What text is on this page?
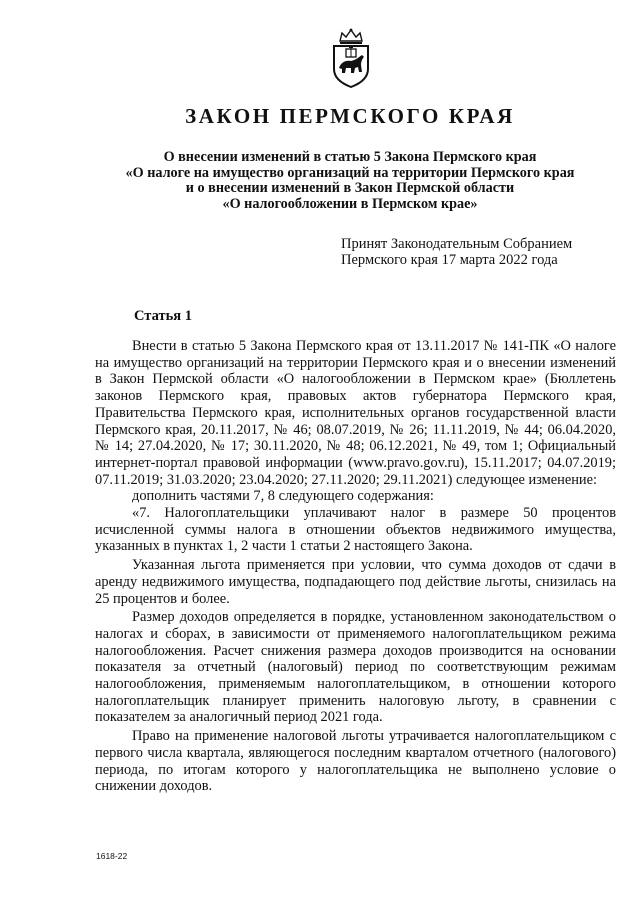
ЗАКОН ПЕРМСКОГО КРАЯ
О внесении изменений в статью 5 Закона Пермского края
«О налоге на имущество организаций на территории Пермского края
и о внесении изменений в Закон Пермской области
«О налогообложении в Пермском крае»
Принят Законодательным Собранием
Пермского края 17 марта 2022 года
Статья 1

Внести в статью 5 Закона Пермского края от 13.11.2017 № 141-ПК «О налоге на имущество организаций на территории Пермского края и о внесении изменений в Закон Пермской области «О налогообложении в Пермском крае» (Бюллетень законов Пермского края, правовых актов губернатора Пермского края, Правительства Пермского края, исполнительных органов государственной власти Пермского края, 20.11.2017, № 46; 08.07.2019, № 26; 11.11.2019, № 44; 06.04.2020, № 14; 27.04.2020, № 17; 30.11.2020, № 48; 06.12.2021, № 49, том 1; Официальный интернет-портал правовой информации (www.pravo.gov.ru), 15.11.2017; 04.07.2019; 07.11.2019; 31.03.2020; 23.04.2020; 27.11.2020; 29.11.2021) следующее изменение:

дополнить частями 7, 8 следующего содержания:

«7. Налогоплательщики уплачивают налог в размере 50 процентов исчисленной суммы налога в отношении объектов недвижимого имущества, указанных в пунктах 1, 2 части 1 статьи 2 настоящего Закона.

Указанная льгота применяется при условии, что сумма доходов от сдачи в аренду недвижимого имущества, подпадающего под действие льготы, снизилась на 25 процентов и более.

Размер доходов определяется в порядке, установленном законодательством о налогах и сборах, в зависимости от применяемого налогоплательщиком режима налогообложения. Расчет снижения размера доходов производится на основании показателя за отчетный (налоговый) период по соответствующим режимам налогообложения, применяемым налогоплательщиком, в отношении которого налогоплательщик планирует применить налоговую льготу, в сравнении с показателем за аналогичный период 2021 года.

Право на применение налоговой льготы утрачивается налогоплательщиком с первого числа квартала, являющегося последним кварталом отчетного (налогового) периода, по итогам которого у налогоплательщика не выполнено условие о снижении доходов.

1618-22
